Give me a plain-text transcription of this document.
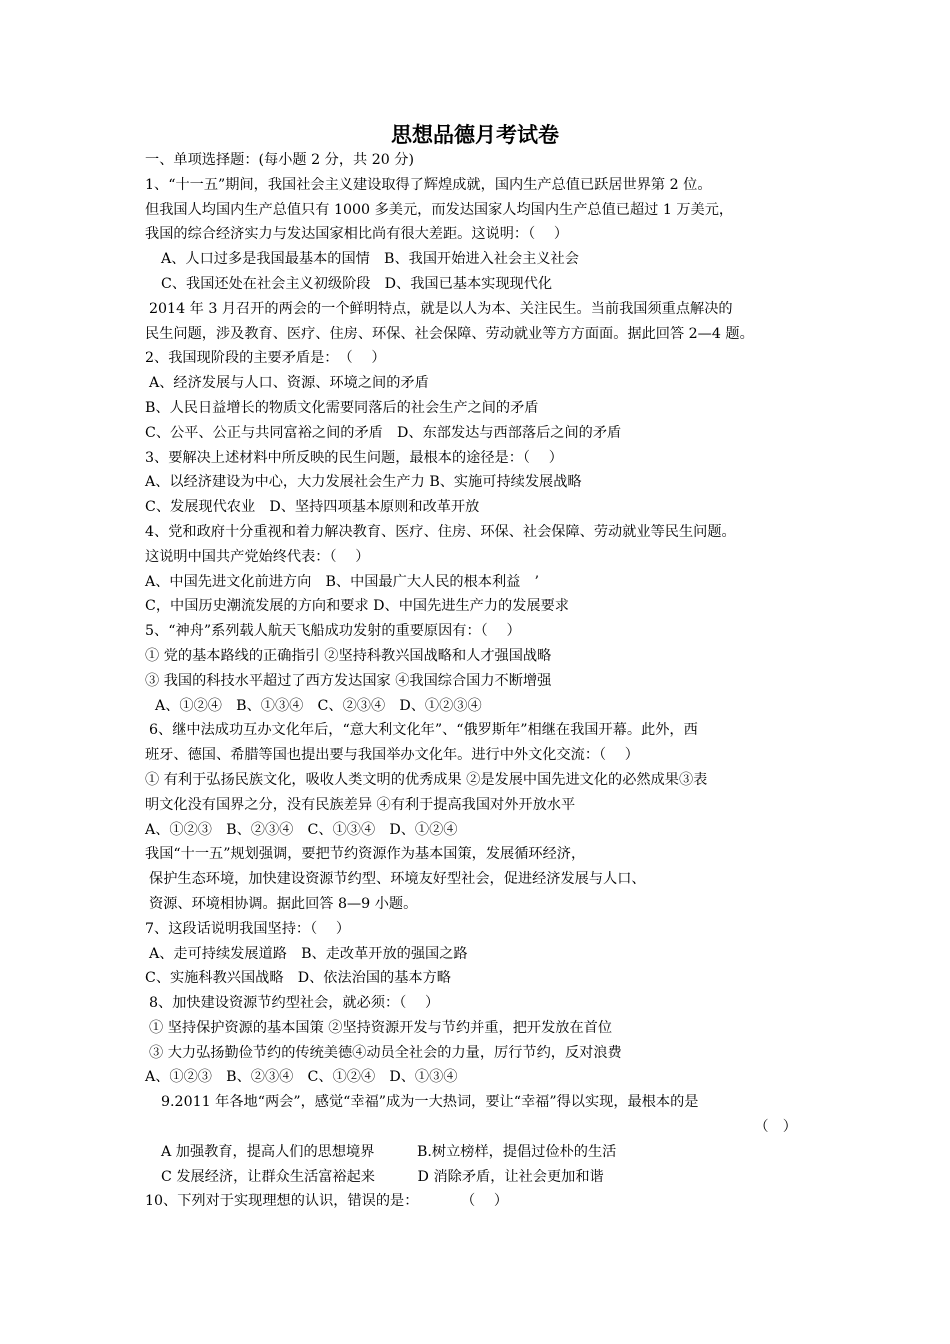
思想品德月考试卷
一、单项选择题：(每小题 2 分，共 20 分)
1、“十一五”期间，我国社会主义建设取得了辉煌成就，国内生产总值已跃居世界第 2 位。
但我国人均国内生产总值只有 1000 多美元，而发达国家人均国内生产总值已超过 1 万美元，
我国的综合经济实力与发达国家相比尚有很大差距。这说明：（　 ）
A、人口过多是我国最基本的国情　B、我国开始进入社会主义社会
C、我国还处在社会主义初级阶段　D、我国已基本实现现代化
2014 年 3 月召开的两会的一个鲜明特点，就是以人为本、关注民生。当前我国须重点解决的
民生问题，涉及教育、医疗、住房、环保、社会保障、劳动就业等方方面面。据此回答 2—4 题。
2、我国现阶段的主要矛盾是：　（　 ）
A、经济发展与人口、资源、环境之间的矛盾
B、人民日益增长的物质文化需要同落后的社会生产之间的矛盾
C、公平、公正与共同富裕之间的矛盾　D、东部发达与西部落后之间的矛盾
3、要解决上述材料中所反映的民生问题，最根本的途径是：（　 ）
A、以经济建设为中心，大力发展社会生产力 B、实施可持续发展战略
C、发展现代农业　D、坚持四项基本原则和改革开放
4、党和政府十分重视和着力解决教育、医疗、住房、环保、社会保障、劳动就业等民生问题。
这说明中国共产党始终代表：（　 ）
A、中国先进文化前进方向　B、中国最广大人民的根本利益　’
C，中国历史潮流发展的方向和要求 D、中国先进生产力的发展要求
5、“神舟”系列载人航天飞船成功发射的重要原因有：（　 ）
① 党的基本路线的正确指引 ②坚持科教兴国战略和人才强国战略
③ 我国的科技水平超过了西方发达国家 ④我国综合国力不断增强
A、①②④　B、①③④　C、②③④　D、①②③④
6、继中法成功互办文化年后，“意大利文化年”、“俄罗斯年”相继在我国开幕。此外，西
班牙、德国、希腊等国也提出要与我国举办文化年。进行中外文化交流：（　 ）
① 有利于弘扬民族文化，吸收人类文明的优秀成果 ②是发展中国先进文化的必然成果③表
明文化没有国界之分，没有民族差异 ④有利于提高我国对外开放水平
A、①②③　B、②③④　C、①③④　D、①②④
我国“十一五”规划强调，要把节约资源作为基本国策，发展循环经济，
保护生态环境，加快建设资源节约型、环境友好型社会，促进经济发展与人口、
资源、环境相协调。据此回答 8—9 小题。
7、这段话说明我国坚持：（　 ）
A、走可持续发展道路　B、走改革开放的强国之路
C、实施科教兴国战略　D、依法治国的基本方略
8、加快建设资源节约型社会，就必须：（　 ）
① 坚持保护资源的基本国策 ②坚持资源开发与节约并重，把开发放在首位
③ 大力弘扬勤俭节约的传统美德④动员全社会的力量，厉行节约，反对浪费
A、①②③　B、②③④　C、①②④　D、①③④
9.2011 年各地“两会”，感觉“幸福”成为一大热词，要让“幸福”得以实现，最根本的是
（　）
A 加强教育，提高人们的思想境界　　　B.树立榜样，提倡过俭朴的生活
C 发展经济，让群众生活富裕起来　　　D 消除矛盾，让社会更加和谐
10、下列对于实现理想的认识，错误的是：　　　　（　 ）
